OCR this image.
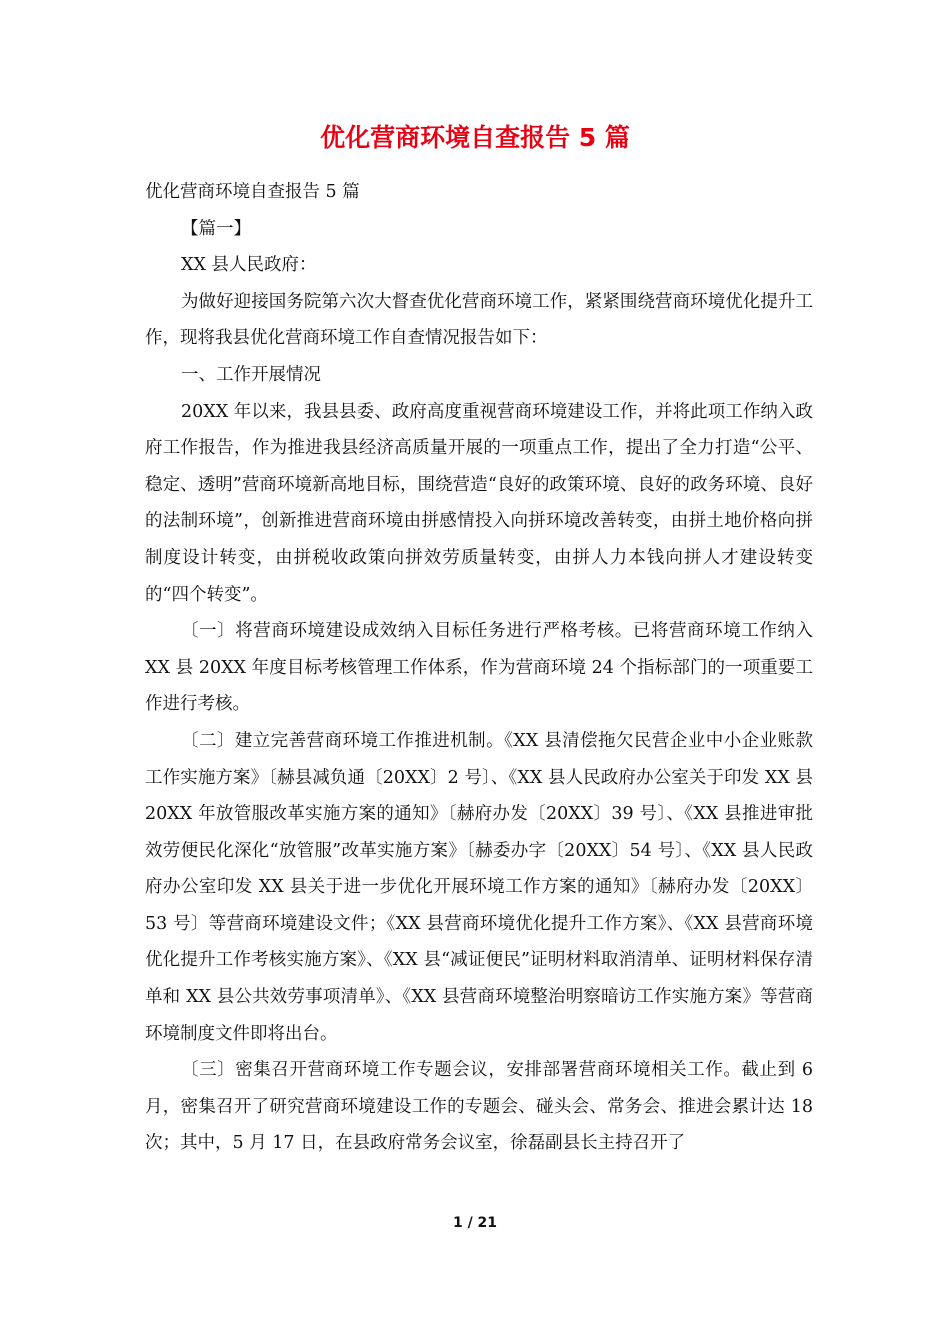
优化营商环境自查报告 5 篇

优化营商环境自查报告 5 篇

【篇一】

XX 县人民政府：

为做好迎接国务院第六次大督查优化营商环境工作，紧紧围绕营商环境优化提升工作，现将我县优化营商环境工作自查情况报告如下：

一、工作开展情况

20XX 年以来，我县县委、政府高度重视营商环境建设工作，并将此项工作纳入政府工作报告，作为推进我县经济高质量开展的一项重点工作，提出了全力打造“公平、稳定、透明”营商环境新高地目标，围绕营造“良好的政策环境、良好的政务环境、良好的法制环境”，创新推进营商环境由拼感情投入向拼环境改善转变，由拼土地价格向拼制度设计转变，由拼税收政策向拼效劳质量转变，由拼人力本钱向拼人才建设转变的“四个转变”。

〔一〕将营商环境建设成效纳入目标任务进行严格考核。已将营商环境工作纳入 XX 县 20XX 年度目标考核管理工作体系，作为营商环境 24 个指标部门的一项重要工作进行考核。

〔二〕建立完善营商环境工作推进机制。《XX 县清偿拖欠民营企业中小企业账款工作实施方案》〔赫县减负通〔20XX〕2 号〕、《XX 县人民政府办公室关于印发 XX 县 20XX 年放管服改革实施方案的通知》〔赫府办发〔20XX〕39 号〕、《XX 县推进审批效劳便民化深化“放管服”改革实施方案》〔赫委办字〔20XX〕54 号〕、《XX 县人民政府办公室印发 XX 县关于进一步优化开展环境工作方案的通知》〔赫府办发〔20XX〕53 号〕等营商环境建设文件；《XX 县营商环境优化提升工作方案》、《XX 县营商环境优化提升工作考核实施方案》、《XX 县“减证便民”证明材料取消清单、证明材料保存清单和 XX 县公共效劳事项清单》、《XX 县营商环境整治明察暗访工作实施方案》等营商环境制度文件即将出台。

〔三〕密集召开营商环境工作专题会议，安排部署营商环境相关工作。截止到 6 月，密集召开了研究营商环境建设工作的专题会、碰头会、常务会、推进会累计达 18 次；其中，5 月 17 日，在县政府常务会议室，徐磊副县长主持召开了

1 / 21
